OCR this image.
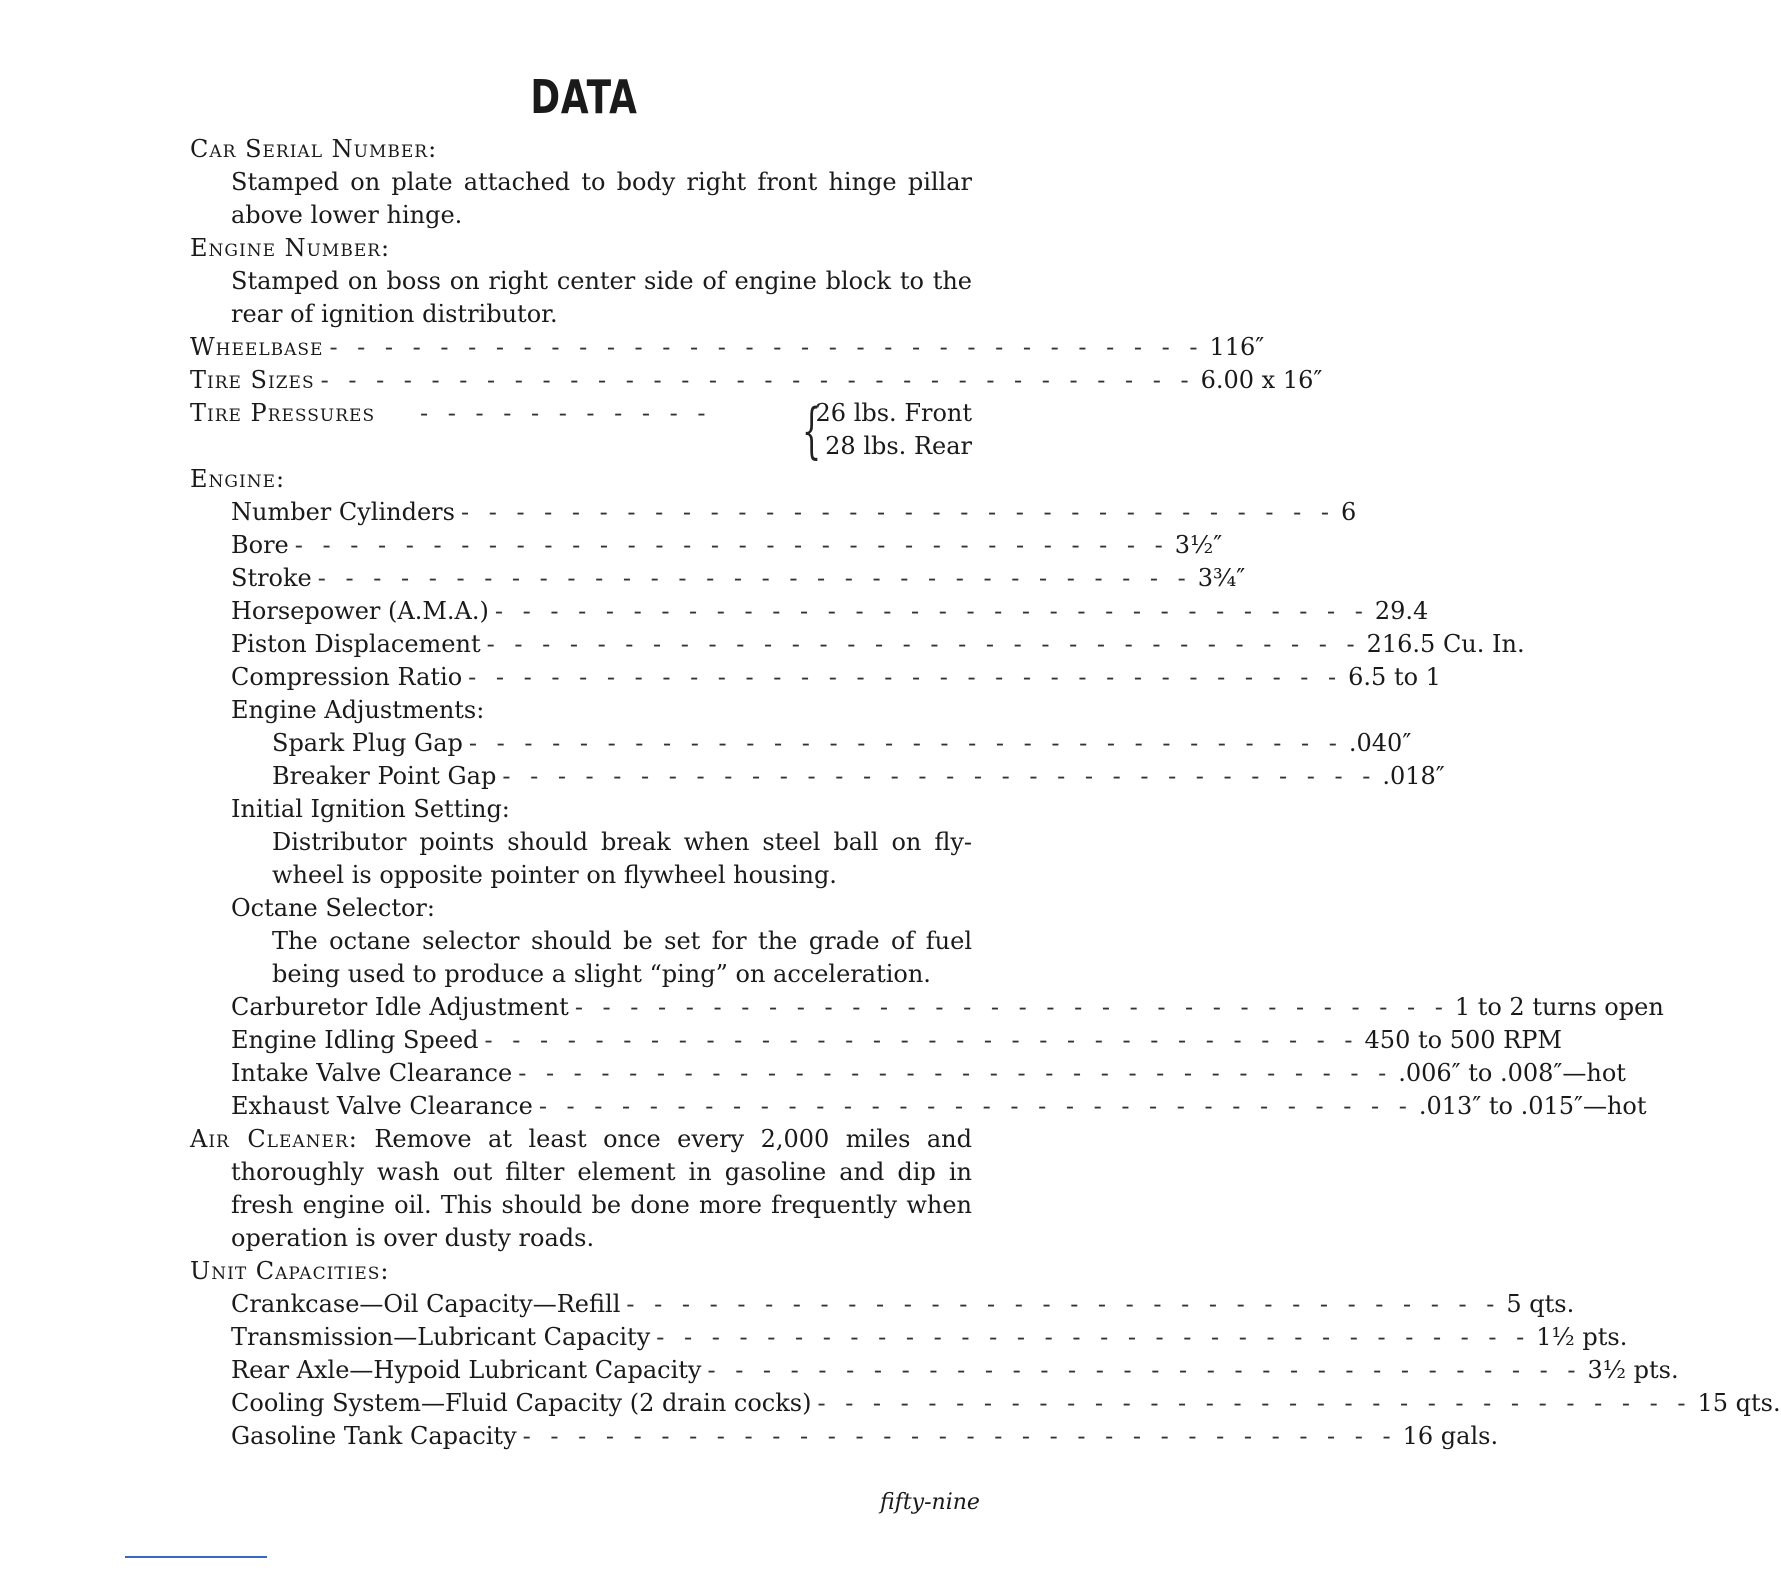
DATA
Car Serial Number:
Stamped on plate attached to body right front hinge pillar
above lower hinge.
Engine Number:
Stamped on boss on right center side of engine block to the
rear of ignition distributor.
Wheelbase - - - - - - - - - - - - - - - - - - - - - - - - - - - - - - - - 116″
Tire Sizes - - - - - - - - - - - - - - - - - - - - - - - - - - - - - - - - 6.00 x 16″
Tire Pressures - - - - - - - - - - -	{
26 lbs. Front
28 lbs. Rear
Engine:
Number Cylinders - - - - - - - - - - - - - - - - - - - - - - - - - - - - - - - - 6
Bore - - - - - - - - - - - - - - - - - - - - - - - - - - - - - - - - 3½″
Stroke - - - - - - - - - - - - - - - - - - - - - - - - - - - - - - - - 3¾″
Horsepower (A.M.A.) - - - - - - - - - - - - - - - - - - - - - - - - - - - - - - - - 29.4
Piston Displacement - - - - - - - - - - - - - - - - - - - - - - - - - - - - - - - - 216.5 Cu. In.
Compression Ratio - - - - - - - - - - - - - - - - - - - - - - - - - - - - - - - - 6.5 to 1
Engine Adjustments:
Spark Plug Gap - - - - - - - - - - - - - - - - - - - - - - - - - - - - - - - - .040″
Breaker Point Gap - - - - - - - - - - - - - - - - - - - - - - - - - - - - - - - - .018″
Initial Ignition Setting:
Distributor points should break when steel ball on fly-
wheel is opposite pointer on flywheel housing.
Octane Selector:
The octane selector should be set for the grade of fuel
being used to produce a slight “ping” on acceleration.
Carburetor Idle Adjustment - - - - - - - - - - - - - - - - - - - - - - - - - - - - - - - - 1 to 2 turns open
Engine Idling Speed - - - - - - - - - - - - - - - - - - - - - - - - - - - - - - - - 450 to 500 RPM
Intake Valve Clearance - - - - - - - - - - - - - - - - - - - - - - - - - - - - - - - - .006″ to .008″—hot
Exhaust Valve Clearance - - - - - - - - - - - - - - - - - - - - - - - - - - - - - - - - .013″ to .015″—hot
Air Cleaner: Remove at least once every 2,000 miles and
thoroughly wash out filter element in gasoline and dip in
fresh engine oil. This should be done more frequently when
operation is over dusty roads.
Unit Capacities:
Crankcase—Oil Capacity—Refill - - - - - - - - - - - - - - - - - - - - - - - - - - - - - - - - 5 qts.
Transmission—Lubricant Capacity - - - - - - - - - - - - - - - - - - - - - - - - - - - - - - - - 1½ pts.
Rear Axle—Hypoid Lubricant Capacity - - - - - - - - - - - - - - - - - - - - - - - - - - - - - - - - 3½ pts.
Cooling System—Fluid Capacity (2 drain cocks) - - - - - - - - - - - - - - - - - - - - - - - - - - - - - - - - 15 qts.
Gasoline Tank Capacity - - - - - - - - - - - - - - - - - - - - - - - - - - - - - - - - 16 gals.
fifty-nine
